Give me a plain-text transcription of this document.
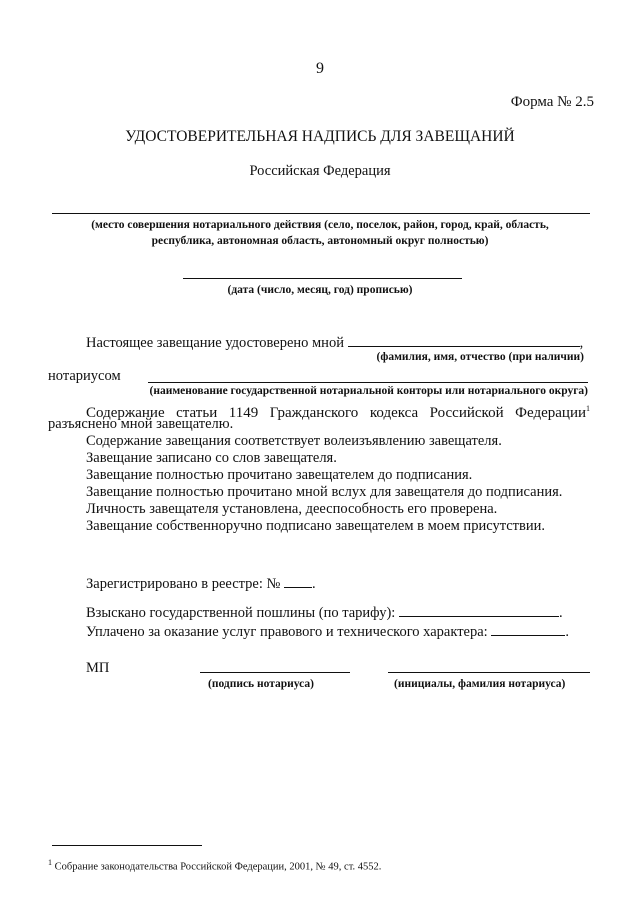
9
Форма № 2.5
УДОСТОВЕРИТЕЛЬНАЯ НАДПИСЬ ДЛЯ ЗАВЕЩАНИЙ
Российская Федерация
(место совершения нотариального действия (село, поселок, район, город, край, область,
республика, автономная область, автономный округ полностью)
(дата (число, месяц, год) прописью)
Настоящее завещание удостоверено мной	,
(фамилия, имя, отчество (при наличии)
нотариусом
(наименование государственной нотариальной конторы или нотариального округа)
Содержание статьи 1149 Гражданского кодекса Российской Федерации$^1$
разъяснено мной завещателю.
Содержание завещания соответствует волеизъявлению завещателя.
Завещание записано со слов завещателя.
Завещание полностью прочитано завещателем до подписания.
Завещание полностью прочитано мной вслух для завещателя до подписания.
Личность завещателя установлена, дееспособность его проверена.
Завещание собственноручно подписано завещателем в моем присутствии.
Зарегистрировано в реестре: № .
Взыскано государственной пошлины (по тарифу):	.
Уплачено за оказание услуг правового и технического характера:	.
МП
(подпись нотариуса)	(инициалы, фамилия нотариуса)
$^1$ Собрание законодательства Российской Федерации, 2001, № 49, ст. 4552.
